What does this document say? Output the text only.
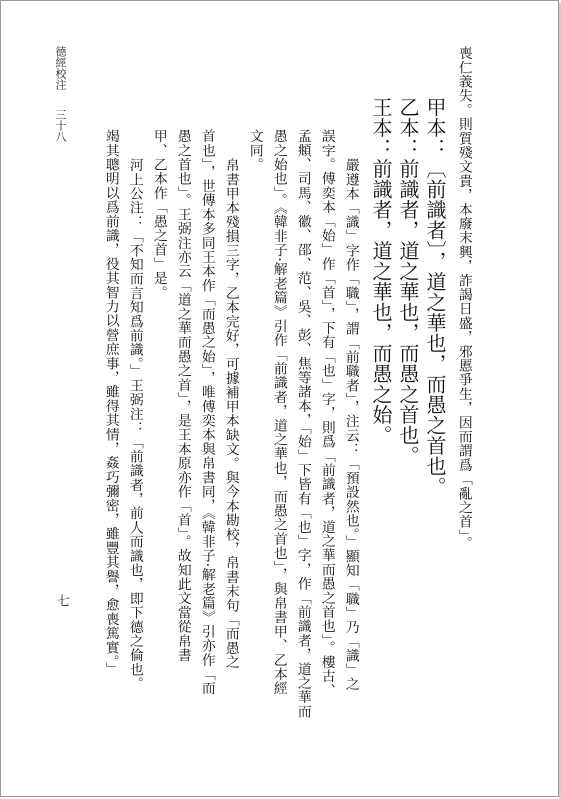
喪仁義失。則質殘文貴，本廢末興，詐謁日盛，邪慝爭生，因而謂爲「亂之首」。
甲本：〔前識者〕，道之華也，而愚之首也。
乙本：前識者，道之華也，而愚之首也。
王本：前識者，道之華也，而愚之始。
嚴遵本「識」字作「職」，謂「前職者」，注云：「預設然也。」顯知「職」乃「識」之
誤字。傅奕本「始」作「首」，下有「也」字，則爲「前識者，道之華而愚之首也」。樓古、
孟頫、司馬、徽、邵、范、吳、彭、焦等諸本，「始」下皆有「也」字，作「前識者，道之華而
愚之始也」。《韓非子·解老篇》引作「前識者，道之華也，而愚之首也」，與帛書甲、乙本經
文同。
帛書甲本殘損三字，乙本完好，可據補甲本缺文。與今本勘校，帛書末句「而愚之
首也」，世傳本多同王本作「而愚之始」，唯傅奕本與帛書同，《韓非子·解老篇》引亦作「而
愚之首也」。王弼注亦云「道之華而愚之首」，是王本原亦作「首」。故知此文當從帛書
甲、乙本作「愚之首」是。
河上公注：「不知而言知爲前識。」王弼注：「前識者，前人而識也，即下德之倫也。
竭其聰明以爲前識，役其智力以營庶事，雖得其情，姦巧彌密，雖豐其譽，愈喪篤實。」
德經校注
三十八
七
